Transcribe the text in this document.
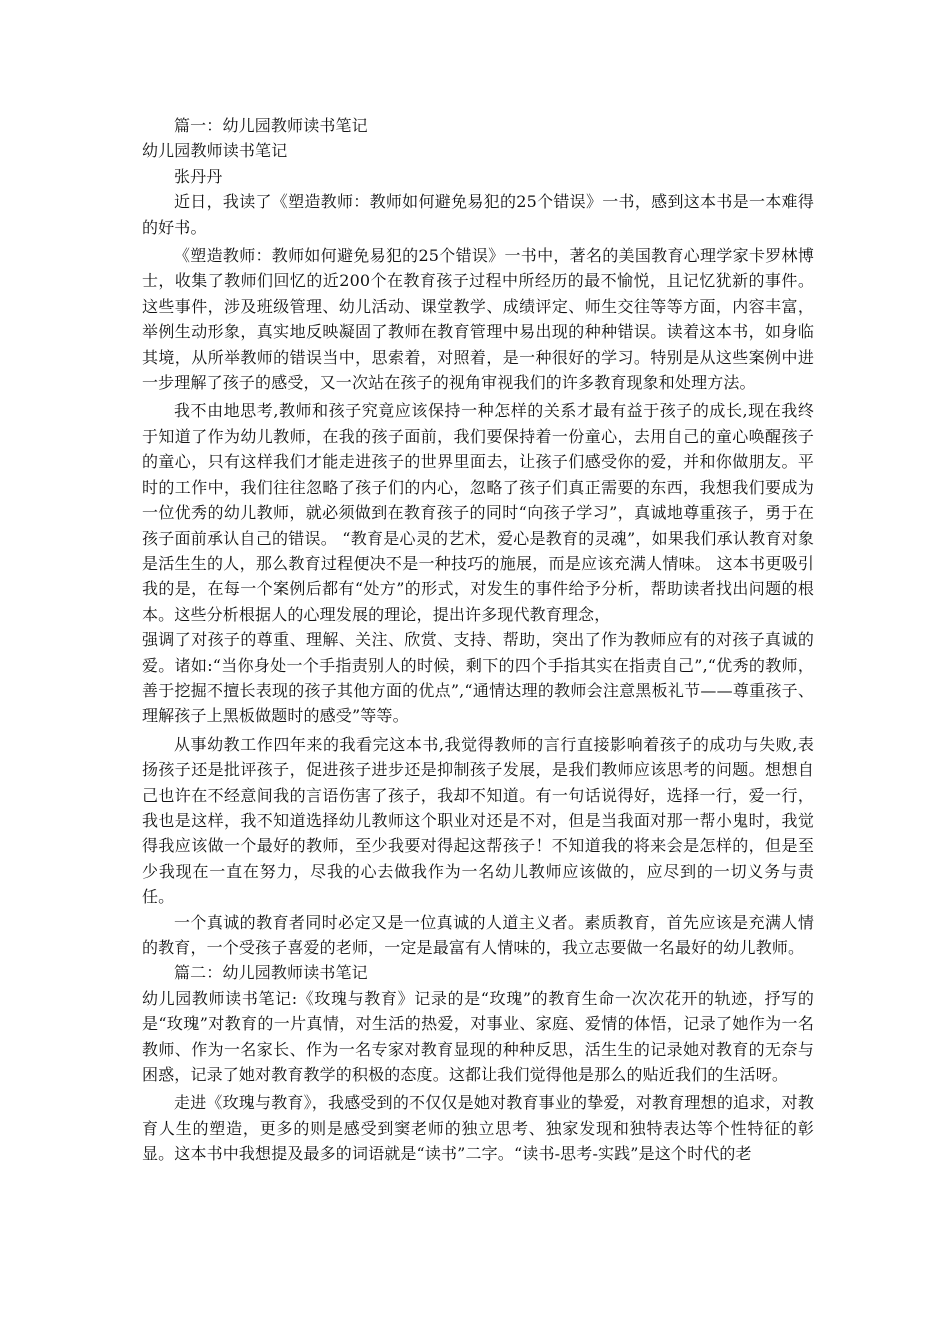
篇一：幼儿园教师读书笔记

幼儿园教师读书笔记

张丹丹

近日，我读了《塑造教师：教师如何避免易犯的25个错误》一书，感到这本书是一本难得的好书。

《塑造教师：教师如何避免易犯的25个错误》一书中，著名的美国教育心理学家卡罗林博士，收集了教师们回忆的近200个在教育孩子过程中所经历的最不愉悦，且记忆犹新的事件。这些事件，涉及班级管理、幼儿活动、课堂教学、成绩评定、师生交往等等方面，内容丰富，举例生动形象，真实地反映凝固了教师在教育管理中易出现的种种错误。读着这本书，如身临其境，从所举教师的错误当中，思索着，对照着，是一种很好的学习。特别是从这些案例中进一步理解了孩子的感受，又一次站在孩子的视角审视我们的许多教育现象和处理方法。

我不由地思考,教师和孩子究竟应该保持一种怎样的关系才最有益于孩子的成长,现在我终于知道了作为幼儿教师，在我的孩子面前，我们要保持着一份童心，去用自己的童心唤醒孩子的童心，只有这样我们才能走进孩子的世界里面去，让孩子们感受你的爱，并和你做朋友。平时的工作中，我们往往忽略了孩子们的内心，忽略了孩子们真正需要的东西，我想我们要成为一位优秀的幼儿教师，就必须做到在教育孩子的同时“向孩子学习”，真诚地尊重孩子，勇于在孩子面前承认自己的错误。 “教育是心灵的艺术，爱心是教育的灵魂”，如果我们承认教育对象是活生生的人，那么教育过程便决不是一种技巧的施展，而是应该充满人情味。 这本书更吸引我的是，在每一个案例后都有“处方”的形式，对发生的事件给予分析，帮助读者找出问题的根本。这些分析根据人的心理发展的理论，提出许多现代教育理念，

强调了对孩子的尊重、理解、关注、欣赏、支持、帮助，突出了作为教师应有的对孩子真诚的爱。诸如:“当你身处一个手指责别人的时候，剩下的四个手指其实在指责自己”,“优秀的教师，善于挖掘不擅长表现的孩子其他方面的优点”,“通情达理的教师会注意黑板礼节——尊重孩子、理解孩子上黑板做题时的感受”等等。

从事幼教工作四年来的我看完这本书,我觉得教师的言行直接影响着孩子的成功与失败,表扬孩子还是批评孩子，促进孩子进步还是抑制孩子发展，是我们教师应该思考的问题。想想自己也许在不经意间我的言语伤害了孩子，我却不知道。有一句话说得好，选择一行，爱一行，我也是这样，我不知道选择幼儿教师这个职业对还是不对，但是当我面对那一帮小鬼时，我觉得我应该做一个最好的教师，至少我要对得起这帮孩子！不知道我的将来会是怎样的，但是至少我现在一直在努力，尽我的心去做我作为一名幼儿教师应该做的，应尽到的一切义务与责任。

一个真诚的教育者同时必定又是一位真诚的人道主义者。素质教育，首先应该是充满人情的教育，一个受孩子喜爱的老师，一定是最富有人情味的，我立志要做一名最好的幼儿教师。

篇二：幼儿园教师读书笔记

幼儿园教师读书笔记:《玫瑰与教育》记录的是“玫瑰”的教育生命一次次花开的轨迹，抒写的是“玫瑰”对教育的一片真情，对生活的热爱，对事业、家庭、爱情的体悟，记录了她作为一名教师、作为一名家长、作为一名专家对教育显现的种种反思，活生生的记录她对教育的无奈与困惑，记录了她对教育教学的积极的态度。这都让我们觉得他是那么的贴近我们的生活呀。

走进《玫瑰与教育》，我感受到的不仅仅是她对教育事业的挚爱，对教育理想的追求，对教育人生的塑造，更多的则是感受到窦老师的独立思考、独家发现和独特表达等个性特征的彰显。这本书中我想提及最多的词语就是“读书”二字。“读书-思考-实践”是这个时代的老
